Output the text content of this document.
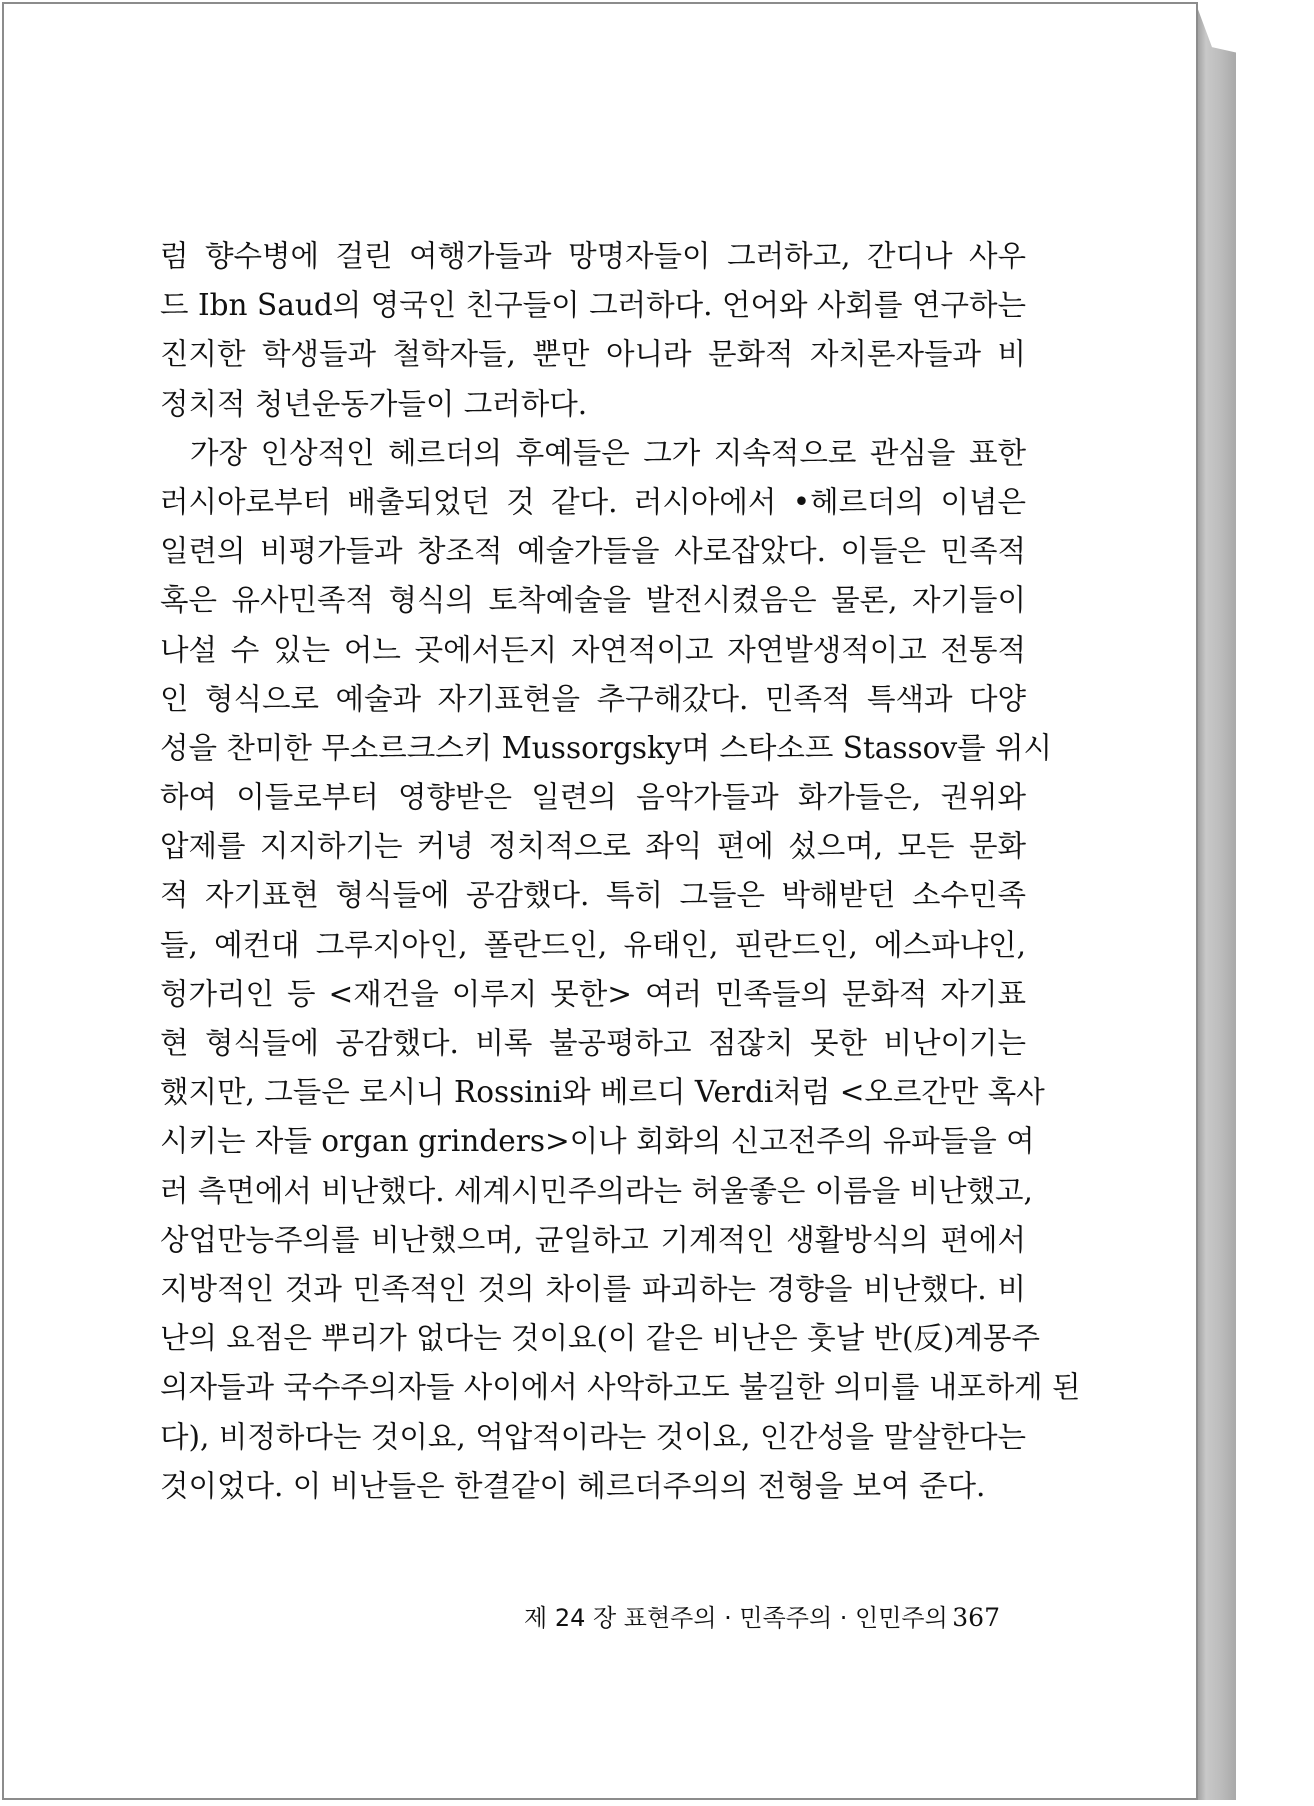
럼 향수병에 걸린 여행가들과 망명자들이 그러하고, 간디나 사우
드 Ibn Saud의 영국인 친구들이 그러하다. 언어와 사회를 연구하는
진지한 학생들과 철학자들, 뿐만 아니라 문화적 자치론자들과 비
정치적 청년운동가들이 그러하다.
가장 인상적인 헤르더의 후예들은 그가 지속적으로 관심을 표한
러시아로부터 배출되었던 것 같다. 러시아에서 •헤르더의 이념은
일련의 비평가들과 창조적 예술가들을 사로잡았다. 이들은 민족적
혹은 유사민족적 형식의 토착예술을 발전시켰음은 물론, 자기들이
나설 수 있는 어느 곳에서든지 자연적이고 자연발생적이고 전통적
인 형식으로 예술과 자기표현을 추구해갔다. 민족적 특색과 다양
성을 찬미한 무소르크스키 Mussorgsky며 스타소프 Stassov를 위시
하여 이들로부터 영향받은 일련의 음악가들과 화가들은, 권위와
압제를 지지하기는 커녕 정치적으로 좌익 편에 섰으며, 모든 문화
적 자기표현 형식들에 공감했다. 특히 그들은 박해받던 소수민족
들, 예컨대 그루지아인, 폴란드인, 유태인, 핀란드인, 에스파냐인,
헝가리인 등 <재건을 이루지 못한> 여러 민족들의 문화적 자기표
현 형식들에 공감했다. 비록 불공평하고 점잖치 못한 비난이기는
했지만, 그들은 로시니 Rossini와 베르디 Verdi처럼 <오르간만 혹사
시키는 자들 organ grinders>이나 회화의 신고전주의 유파들을 여
러 측면에서 비난했다. 세계시민주의라는 허울좋은 이름을 비난했고,
상업만능주의를 비난했으며, 균일하고 기계적인 생활방식의 편에서
지방적인 것과 민족적인 것의 차이를 파괴하는 경향을 비난했다. 비
난의 요점은 뿌리가 없다는 것이요(이 같은 비난은 훗날 반(反)계몽주
의자들과 국수주의자들 사이에서 사악하고도 불길한 의미를 내포하게 된
다), 비정하다는 것이요, 억압적이라는 것이요, 인간성을 말살한다는
것이었다. 이 비난들은 한결같이 헤르더주의의 전형을 보여 준다.
제 24 장 표현주의 · 민족주의 · 인민주의 367
